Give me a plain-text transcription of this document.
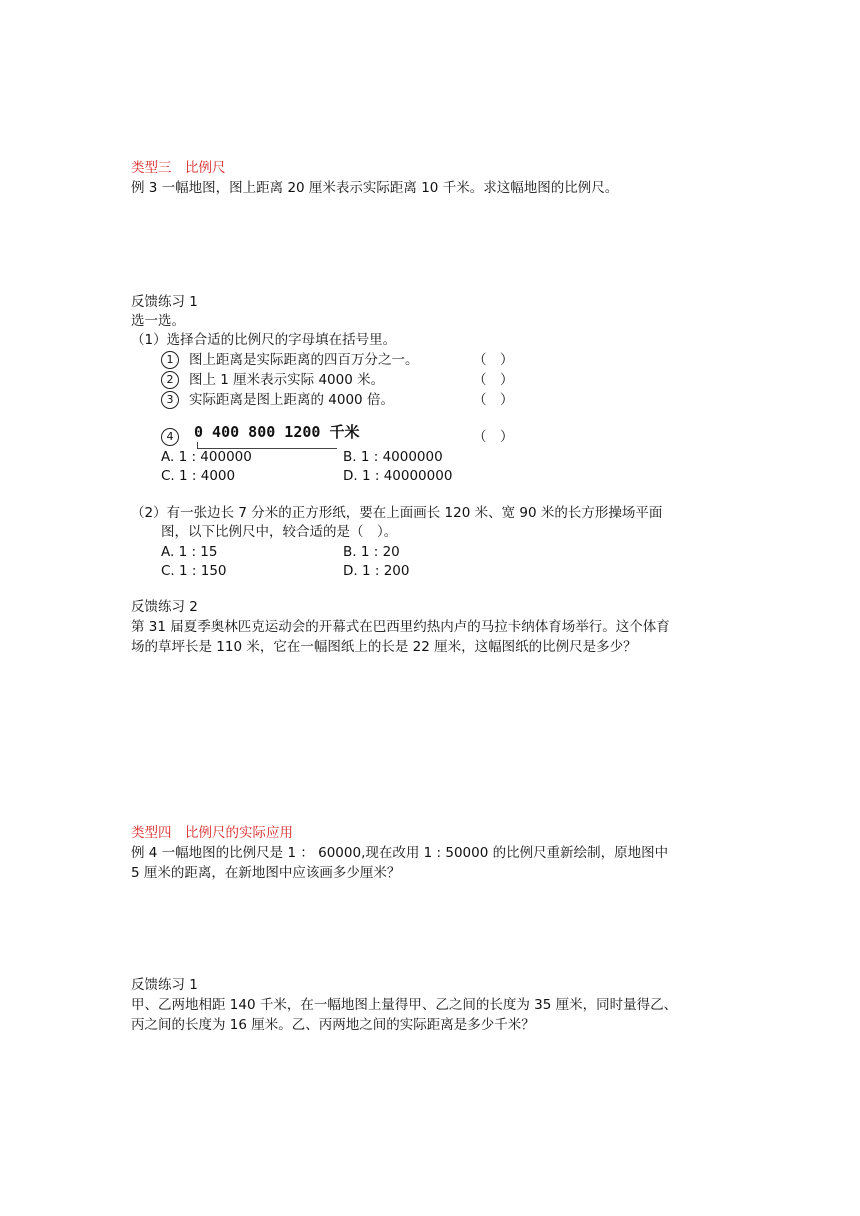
类型三　比例尺
例 3 一幅地图，图上距离 20 厘米表示实际距离 10 千米。求这幅地图的比例尺。
反馈练习 1
选一选。
（1）选择合适的比例尺的字母填在括号里。
1 图上距离是实际距离的四百万分之一。	（　）
2 图上 1 厘米表示实际 4000 米。	（　）
3 实际距离是图上距离的 4000 倍。	（　）
4	0 400 800 1200 千米	（　）
A. 1 : 400000	B. 1 : 4000000
C. 1 : 4000	D. 1 : 40000000
（2）有一张边长 7 分米的正方形纸，要在上面画长 120 米、宽 90 米的长方形操场平面
图，以下比例尺中，较合适的是（　）。
A. 1 : 15	B. 1 : 20
C. 1 : 150	D. 1 : 200
反馈练习 2
第 31 届夏季奥林匹克运动会的开幕式在巴西里约热内卢的马拉卡纳体育场举行。这个体育
场的草坪长是 110 米，它在一幅图纸上的长是 22 厘米，这幅图纸的比例尺是多少？
类型四　比例尺的实际应用
例 4 一幅地图的比例尺是 1 ： 60000,现在改用 1 : 50000 的比例尺重新绘制，原地图中
5 厘米的距离，在新地图中应该画多少厘米？
反馈练习 1
甲、乙两地相距 140 千米，在一幅地图上量得甲、乙之间的长度为 35 厘米，同时量得乙、
丙之间的长度为 16 厘米。乙、丙两地之间的实际距离是多少千米？
